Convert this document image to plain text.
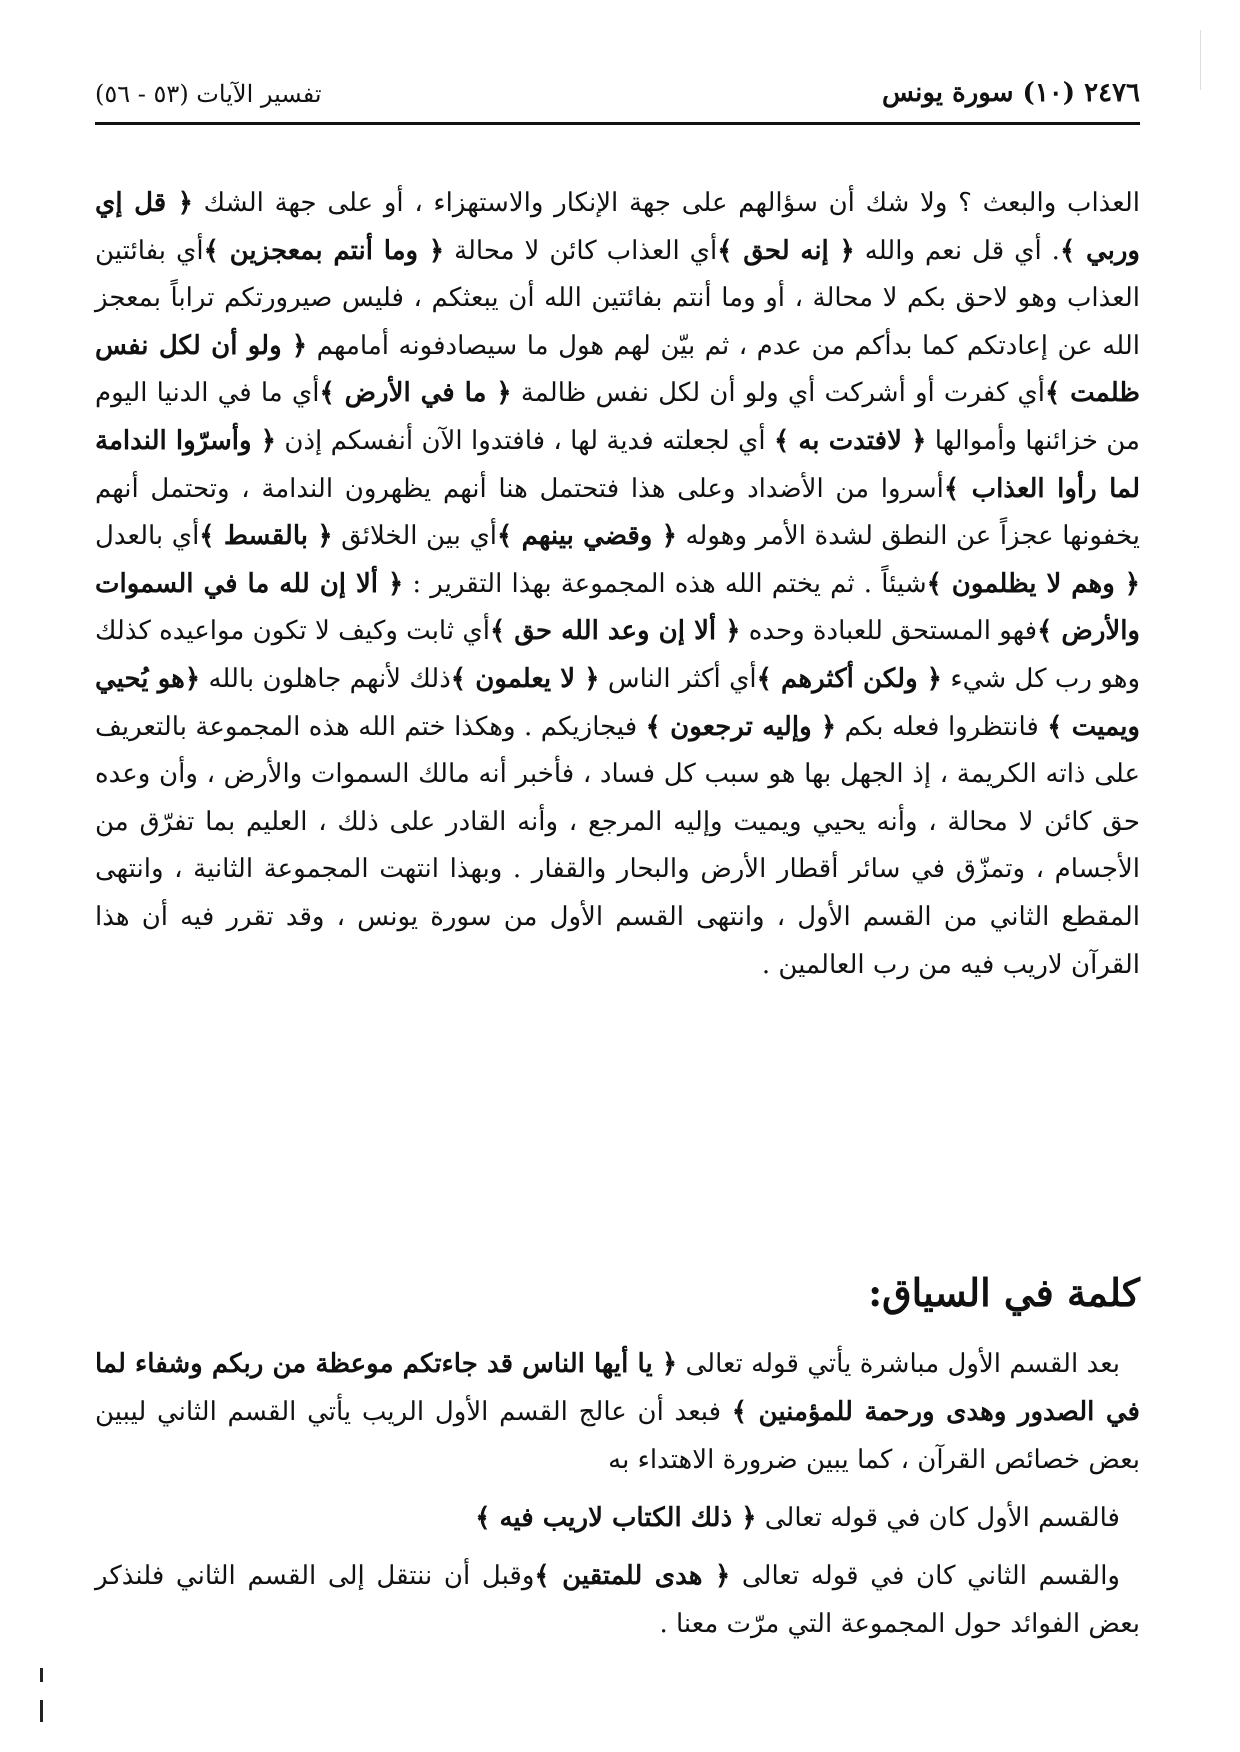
٢٤٧٦ (١٠) سورة يونس
تفسير الآيات (٥٣ - ٥٦)
العذاب والبعث ؟ ولا شك أن سؤالهم على جهة الإنكار والاستهزاء ، أو على جهة الشك ﴿ قل إي وربي ﴾. أي قل نعم والله ﴿ إنه لحق ﴾أي العذاب كائن لا محالة ﴿ وما أنتم بمعجزين ﴾أي بفائتين العذاب وهو لاحق بكم لا محالة ، أو وما أنتم بفائتين الله أن يبعثكم ، فليس صيرورتكم تراباً بمعجز الله عن إعادتكم كما بدأكم من عدم ، ثم بيّن لهم هول ما سيصادفونه أمامهم ﴿ ولو أن لكل نفس ظلمت ﴾أي كفرت أو أشركت أي ولو أن لكل نفس ظالمة ﴿ ما في الأرض ﴾أي ما في الدنيا اليوم من خزائنها وأموالها ﴿ لافتدت به ﴾ أي لجعلته فدية لها ، فافتدوا الآن أنفسكم إذن ﴿ وأسرّوا الندامة لما رأوا العذاب ﴾أسروا من الأضداد وعلى هذا فتحتمل هنا أنهم يظهرون الندامة ، وتحتمل أنهم يخفونها عجزاً عن النطق لشدة الأمر وهوله ﴿ وقضي بينهم ﴾أي بين الخلائق ﴿ بالقسط ﴾أي بالعدل ﴿ وهم لا يظلمون ﴾شيئاً . ثم يختم الله هذه المجموعة بهذا التقرير : ﴿ ألا إن لله ما في السموات والأرض ﴾فهو المستحق للعبادة وحده ﴿ ألا إن وعد الله حق ﴾أي ثابت وكيف لا تكون مواعيده كذلك وهو رب كل شيء ﴿ ولكن أكثرهم ﴾أي أكثر الناس ﴿ لا يعلمون ﴾ذلك لأنهم جاهلون بالله ﴿هو يُحيي ويميت ﴾ فانتظروا فعله بكم ﴿ وإليه ترجعون ﴾ فيجازيكم . وهكذا ختم الله هذه المجموعة بالتعريف على ذاته الكريمة ، إذ الجهل بها هو سبب كل فساد ، فأخبر أنه مالك السموات والأرض ، وأن وعده حق كائن لا محالة ، وأنه يحيي ويميت وإليه المرجع ، وأنه القادر على ذلك ، العليم بما تفرّق من الأجسام ، وتمزّق في سائر أقطار الأرض والبحار والقفار . وبهذا انتهت المجموعة الثانية ، وانتهى المقطع الثاني من القسم الأول ، وانتهى القسم الأول من سورة يونس ، وقد تقرر فيه أن هذا القرآن لاريب فيه من رب العالمين .
كلمة في السياق:
بعد القسم الأول مباشرة يأتي قوله تعالى ﴿ يا أيها الناس قد جاءتكم موعظة من ربكم وشفاء لما في الصدور وهدى ورحمة للمؤمنين ﴾ فبعد أن عالج القسم الأول الريب يأتي القسم الثاني ليبين بعض خصائص القرآن ، كما يبين ضرورة الاهتداء به
فالقسم الأول كان في قوله تعالى ﴿ ذلك الكتاب لاريب فيه ﴾
والقسم الثاني كان في قوله تعالى ﴿ هدى للمتقين ﴾وقبل أن ننتقل إلى القسم الثاني فلنذكر بعض الفوائد حول المجموعة التي مرّت معنا .
